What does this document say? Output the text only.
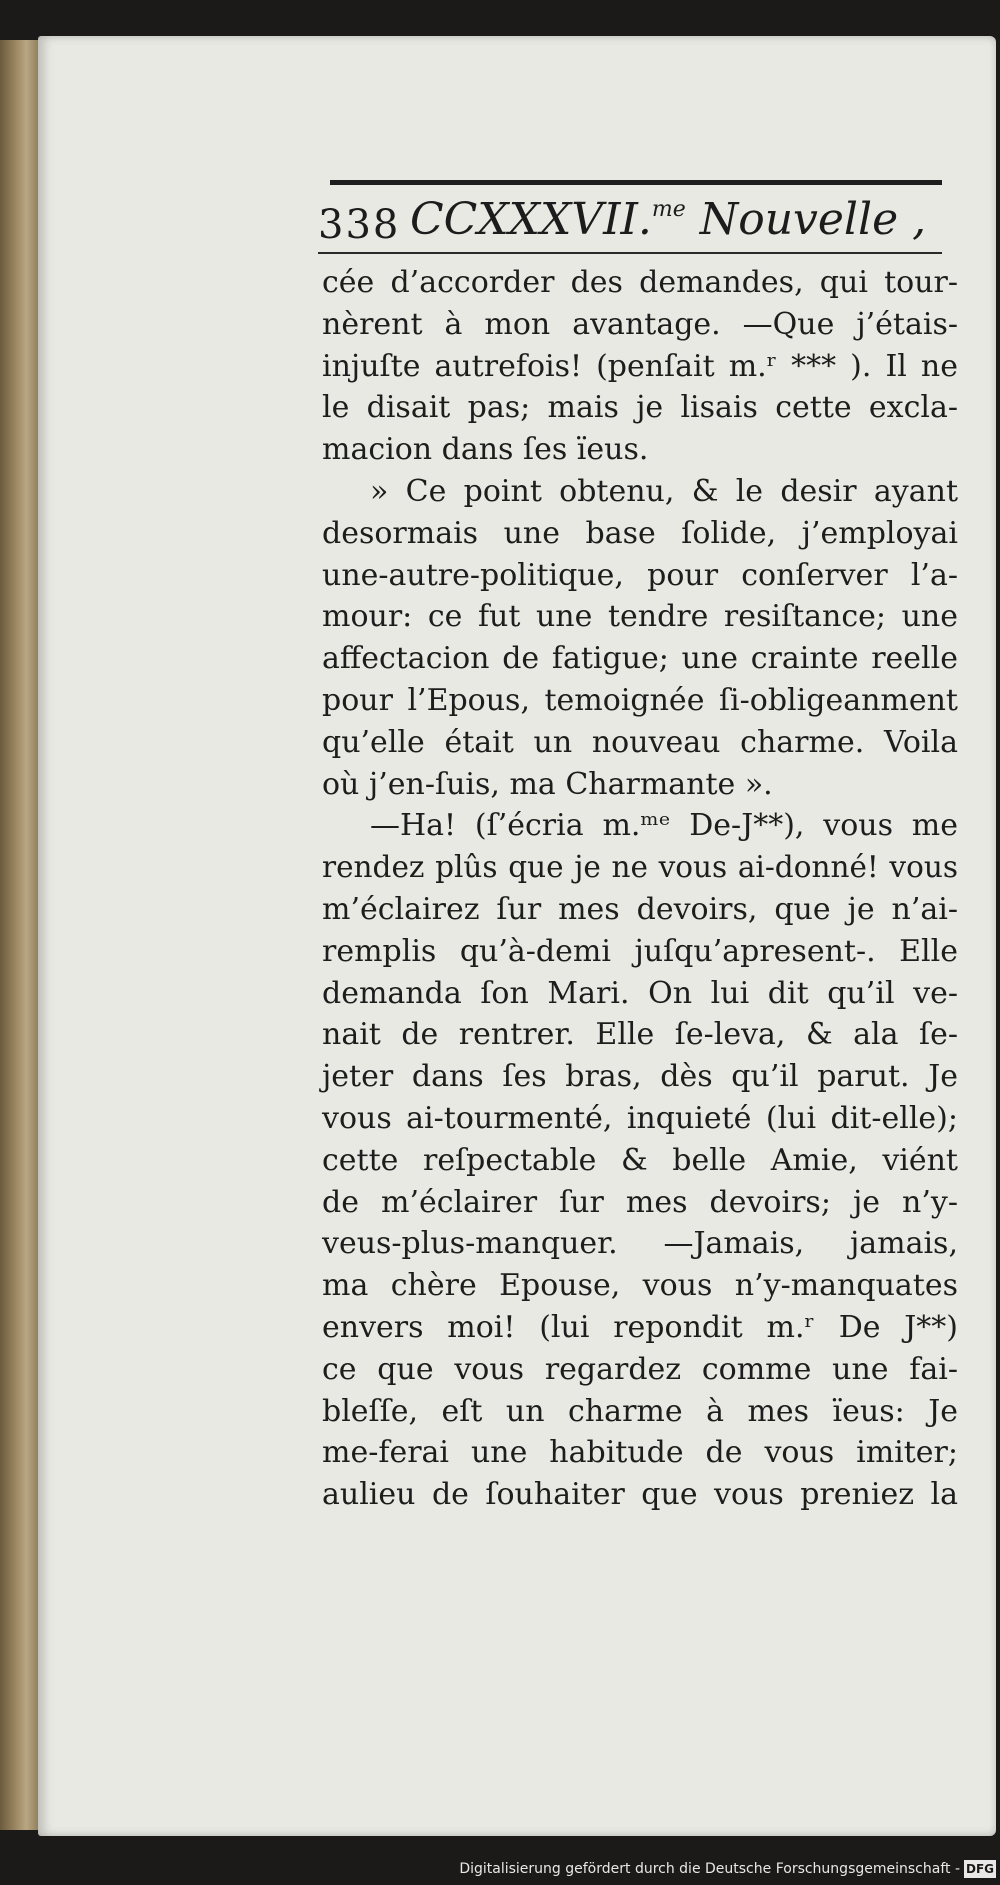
338 CCXXXVII.$^{me}$ Nouvelle ,
cée d’accorder des demandes, qui tour-
nèrent à mon avantage. —Que j’étais-
injuſte autrefois! (penſait m.ʳ *** ). Il ne
le disait pas; mais je lisais cette excla-
macion dans ſes ïeus.
» Ce point obtenu, & le desir ayant
desormais une base ſolide, j’employai
une-autre-politique, pour conſerver l’a-
mour: ce fut une tendre resiſtance; une
affectacion de fatigue; une crainte reelle
pour l’Epous, temoignée ſi-obligeanment
qu’elle était un nouveau charme. Voila
où j’en-ſuis, ma Charmante ».
—Ha! (ſ’écria m.ᵐᵉ De-J**), vous me
rendez plûs que je ne vous ai-donné! vous
m’éclairez ſur mes devoirs, que je n’ai-
remplis qu’à-demi juſqu’apresent-. Elle
demanda ſon Mari. On lui dit qu’il ve-
nait de rentrer. Elle ſe-leva, & ala ſe-
jeter dans ſes bras, dès qu’il parut. Je
vous ai-tourmenté, inquieté (lui dit-elle);
cette reſpectable & belle Amie, viént
de m’éclairer ſur mes devoirs; je n’y-
veus-plus-manquer. —Jamais, jamais,
ma chère Epouse, vous n’y-manquates
envers moi! (lui repondit m.ʳ De J**)
ce que vous regardez comme une fai-
bleſſe, eſt un charme à mes ïeus: Je
me-ferai une habitude de vous imiter;
aulieu de ſouhaiter que vous preniez la
Digitalisierung gefördert durch die Deutsche Forschungsgemeinschaft - DFG
